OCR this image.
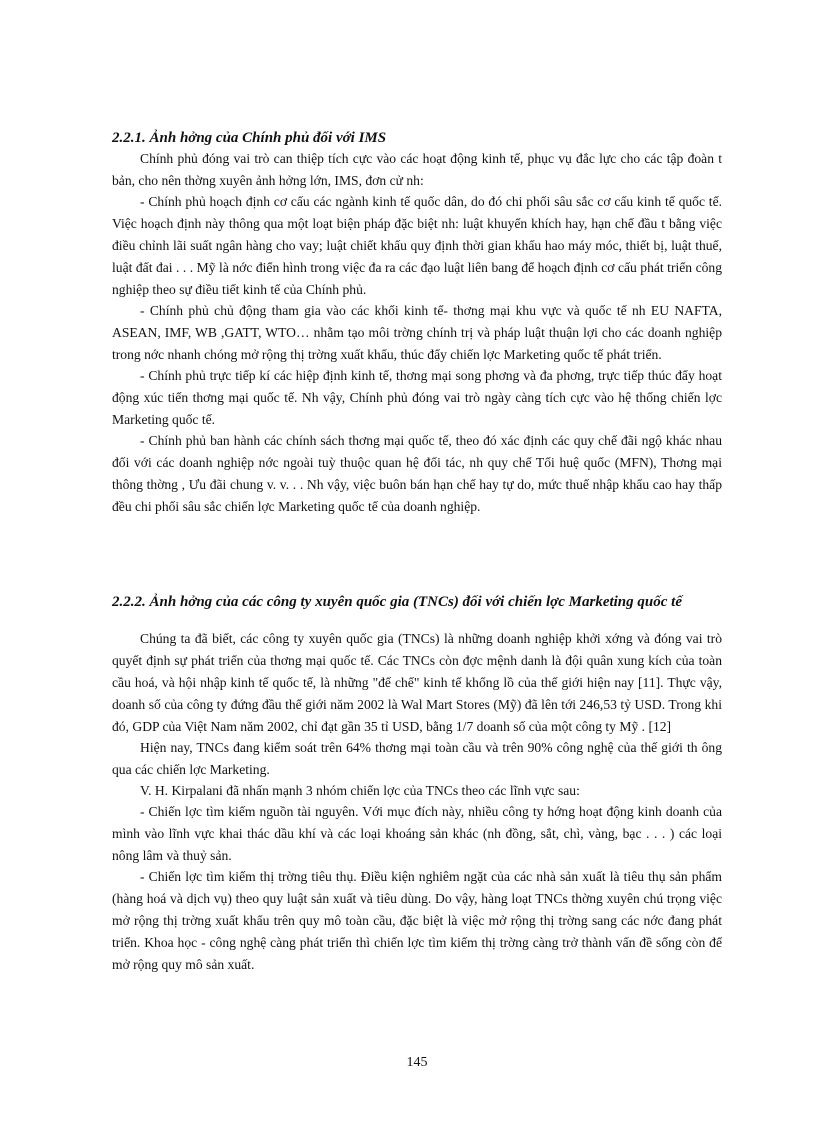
2.2.1. Ảnh hởng của Chính phủ đối với IMS

Chính phủ đóng vai trò can thiệp tích cực vào các hoạt động kinh tế, phục vụ đắc lực cho các tập đoàn t bản, cho nên thờng xuyên ảnh hởng lớn, IMS, đơn cử nh:

- Chính phủ hoạch định cơ cấu các ngành kinh tế quốc dân, do đó chi phối sâu sắc cơ cấu kinh tế quốc tế. Việc hoạch định này thông qua một loạt biện pháp đặc biệt nh: luật khuyến khích hay, hạn chế đầu t bằng việc điều chỉnh lãi suất ngân hàng cho vay; luật chiết khấu quy định thời gian khấu hao máy móc, thiết bị, luật thuế, luật đất đai . . . Mỹ là nớc điển hình trong việc đa ra các đạo luật liên bang để hoạch định cơ cấu phát triển công nghiệp theo sự điều tiết kinh tế của Chính phủ.

- Chính phủ chủ động tham gia vào các khối kinh tế- thơng mại khu vực và quốc tế nh EU NAFTA, ASEAN, IMF, WB ,GATT, WTO… nhằm tạo môi trờng chính trị và pháp luật thuận lợi cho các doanh nghiệp trong nớc nhanh chóng mở rộng thị trờng xuất khẩu, thúc đẩy chiến lợc Marketing quốc tế phát triển.

- Chính phủ trực tiếp kí các hiệp định kinh tế, thơng mại song phơng và đa phơng, trực tiếp thúc đẩy hoạt động xúc tiến thơng mại quốc tế. Nh vậy, Chính phủ đóng vai trò ngày càng tích cực vào hệ thống chiến lợc Marketing quốc tế.

- Chính phủ ban hành các chính sách thơng mại quốc tế, theo đó xác định các quy chế đãi ngộ khác nhau đối với các doanh nghiệp nớc ngoài tuỳ thuộc quan hệ đối tác, nh quy chế Tối huệ quốc (MFN), Thơng mại thông thờng , Ưu đãi chung v. v. . . Nh vậy, việc buôn bán hạn chế hay tự do, mức thuế nhập khẩu cao hay thấp đều chi phối sâu sắc chiến lợc Marketing quốc tế của doanh nghiệp.

2.2.2. Ảnh hởng của các công ty xuyên quốc gia (TNCs) đối với chiến lợc Marketing quốc tế

Chúng ta đã biết, các công ty xuyên quốc gia (TNCs) là những doanh nghiệp khởi xớng và đóng vai trò quyết định sự phát triển của thơng mại quốc tế. Các TNCs còn đợc mệnh danh là đội quân xung kích của toàn cầu hoá, và hội nhập kinh tế quốc tế, là những "đế chế" kinh tế khổng lồ của thế giới hiện nay [11]. Thực vậy, doanh số của công ty đứng đầu thế giới năm 2002 là Wal Mart Stores (Mỹ) đã lên tới 246,53 tỷ USD. Trong khi đó, GDP của Việt Nam năm 2002, chỉ đạt gần 35 tỉ USD, bằng 1/7 doanh số của một công ty Mỹ . [12]

Hiện nay, TNCs đang kiểm soát trên 64% thơng mại toàn cầu và trên 90% công nghệ của thế giới th ông qua các chiến lợc Marketing.

V. H. Kirpalani đã nhấn mạnh 3 nhóm chiến lợc của TNCs theo các lĩnh vực sau:

- Chiến lợc tìm kiếm nguồn tài nguyên. Với mục đích này, nhiều công ty hớng hoạt động kinh doanh của mình vào lĩnh vực khai thác dầu khí và các loại khoáng sản khác (nh đồng, sắt, chì, vàng, bạc . . . ) các loại nông lâm và thuỷ sản.

- Chiến lợc tìm kiếm thị trờng tiêu thụ. Điều kiện nghiêm ngặt của các nhà sản xuất là tiêu thụ sản phẩm (hàng hoá và dịch vụ) theo quy luật sản xuất và tiêu dùng. Do vậy, hàng loạt TNCs thờng xuyên chú trọng việc mở rộng thị trờng xuất khẩu trên quy mô toàn cầu, đặc biệt là việc mở rộng thị trờng sang các nớc đang phát triển. Khoa học - công nghệ càng phát triển thì chiến lợc tìm kiếm thị trờng càng trở thành vấn đề sống còn để mở rộng quy mô sản xuất.

145
